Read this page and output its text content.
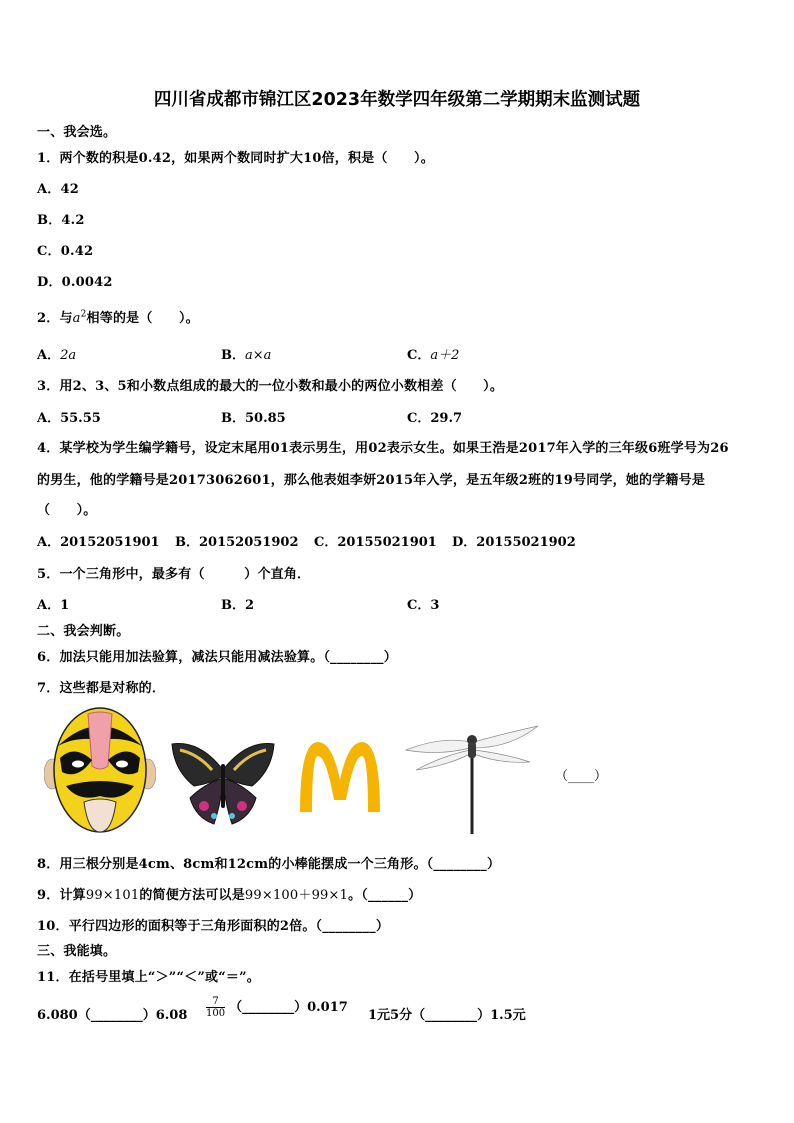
四川省成都市锦江区2023年数学四年级第二学期期末监测试题
一、我会选。
1．两个数的积是0.42，如果两个数同时扩大10倍，积是（　　）。
A．42
B．4.2
C．0.42
D．0.0042
2．与$a^2$相等的是（　　）。
A．2a	B．a×a	C．a＋2
3．用2、3、5和小数点组成的最大的一位小数和最小的两位小数相差（　　）。
A．55.55	B．50.85	C．29.7
4．某学校为学生编学籍号，设定末尾用01表示男生，用02表示女生。如果王浩是2017年入学的三年级6班学号为26
的男生，他的学籍号是20173062601，那么他表姐李妍2015年入学，是五年级2班的19号同学，她的学籍号是
（　　）。
A．20152051901 B．20152051902 C．20155021901 D．20155021902
5．一个三角形中，最多有（　　　）个直角．
A．1	B．2	C．3
二、我会判断。
6．加法只能用加法验算，减法只能用减法验算。（________）
7．这些都是对称的．
（____）
8．用三根分别是4cm、8cm和12cm的小棒能摆成一个三角形。（________）
9．计算99×101的简便方法可以是99×100＋99×1。（______）
10．平行四边形的面积等于三角形面积的2倍。（________）
三、我能填。
11．在括号里填上“＞”“＜”或“＝”。
6.080（________）6.08 $\frac{7}{100}$ （________）0.017
1元5分（________）1.5元
